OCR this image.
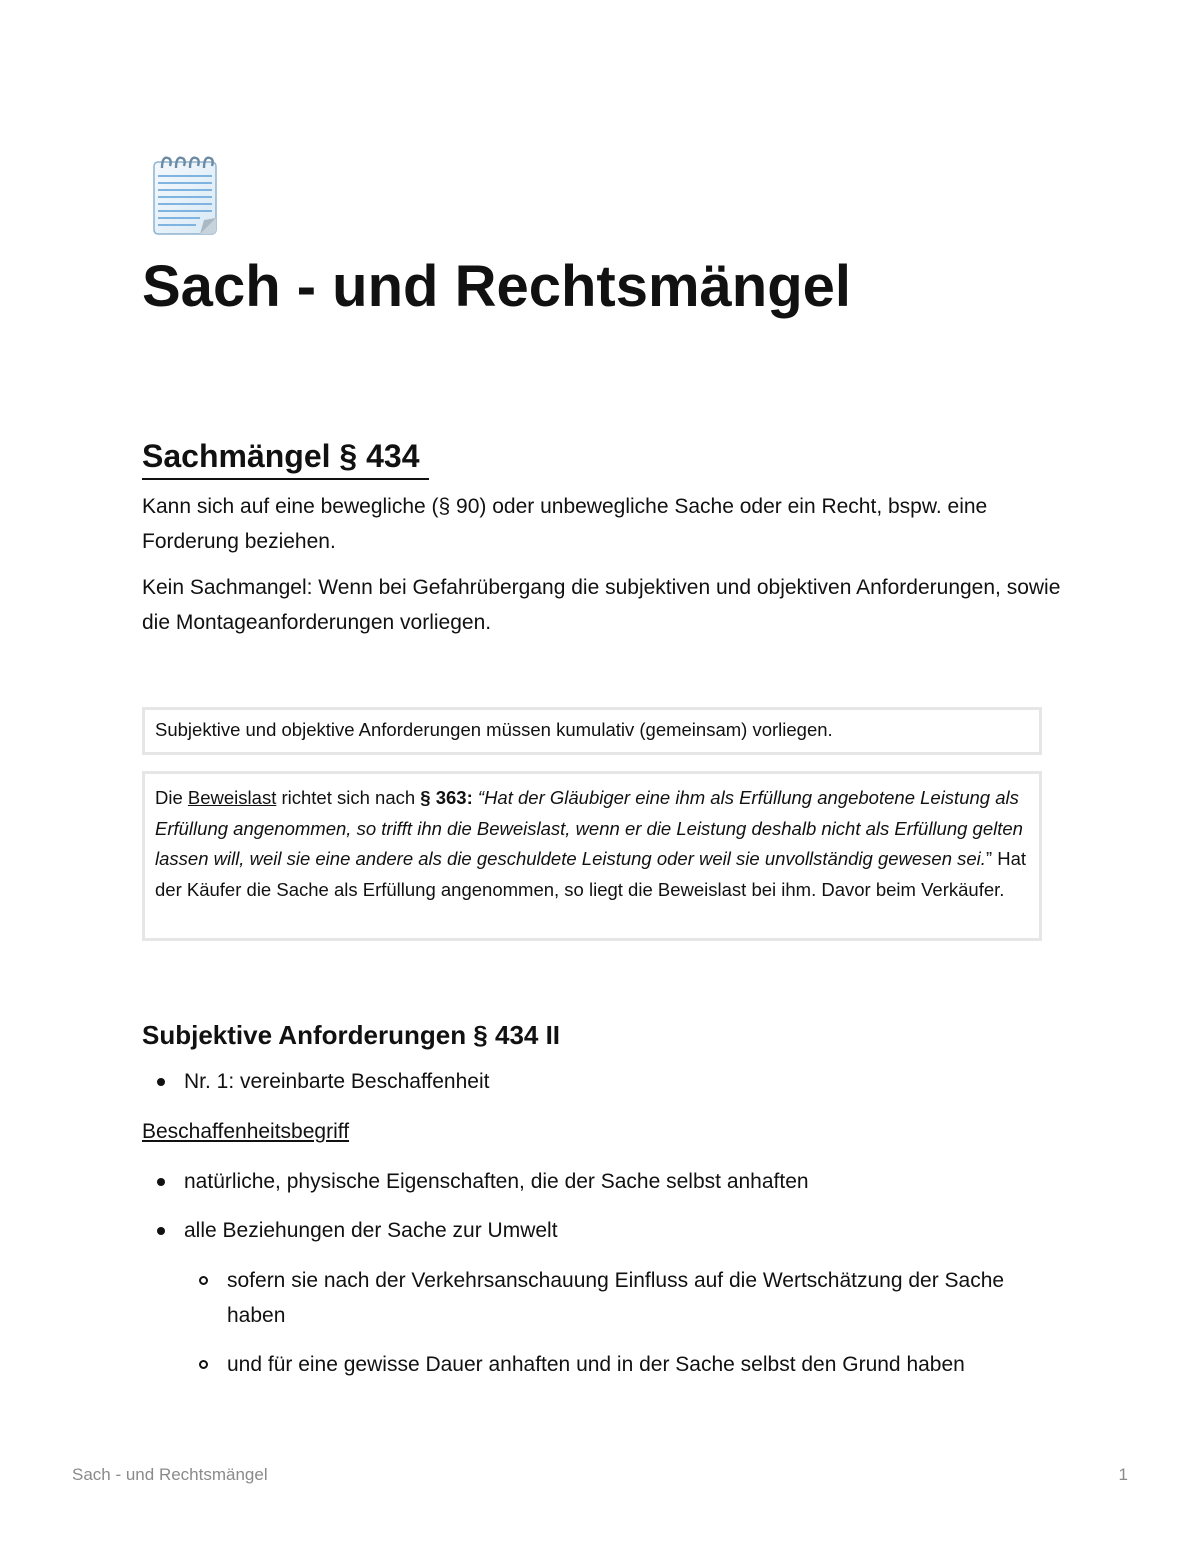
Sach - und Rechtsmängel
Sachmängel § 434

Kann sich auf eine bewegliche (§ 90) oder unbewegliche Sache oder ein Recht, bspw. eine Forderung beziehen.

Kein Sachmangel: Wenn bei Gefahrübergang die subjektiven und objektiven Anforderungen, sowie die Montageanforderungen vorliegen.

Subjektive und objektive Anforderungen müssen kumulativ (gemeinsam) vorliegen.
Die Beweislast richtet sich nach § 363: “Hat der Gläubiger eine ihm als Erfüllung angebotene Leistung als Erfüllung angenommen, so trifft ihn die Beweislast, wenn er die Leistung deshalb nicht als Erfüllung gelten lassen will, weil sie eine andere als die geschuldete Leistung oder weil sie unvollständig gewesen sei.” Hat der Käufer die Sache als Erfüllung angenommen, so liegt die Beweislast bei ihm. Davor beim Verkäufer.
Subjektive Anforderungen § 434 II
Nr. 1: vereinbarte Beschaffenheit
Beschaffenheitsbegriff
natürliche, physische Eigenschaften, die der Sache selbst anhaften
alle Beziehungen der Sache zur Umwelt
sofern sie nach der Verkehrsanschauung Einfluss auf die Wertschätzung der Sache haben
und für eine gewisse Dauer anhaften und in der Sache selbst den Grund haben
Sach - und Rechtsmängel	1
